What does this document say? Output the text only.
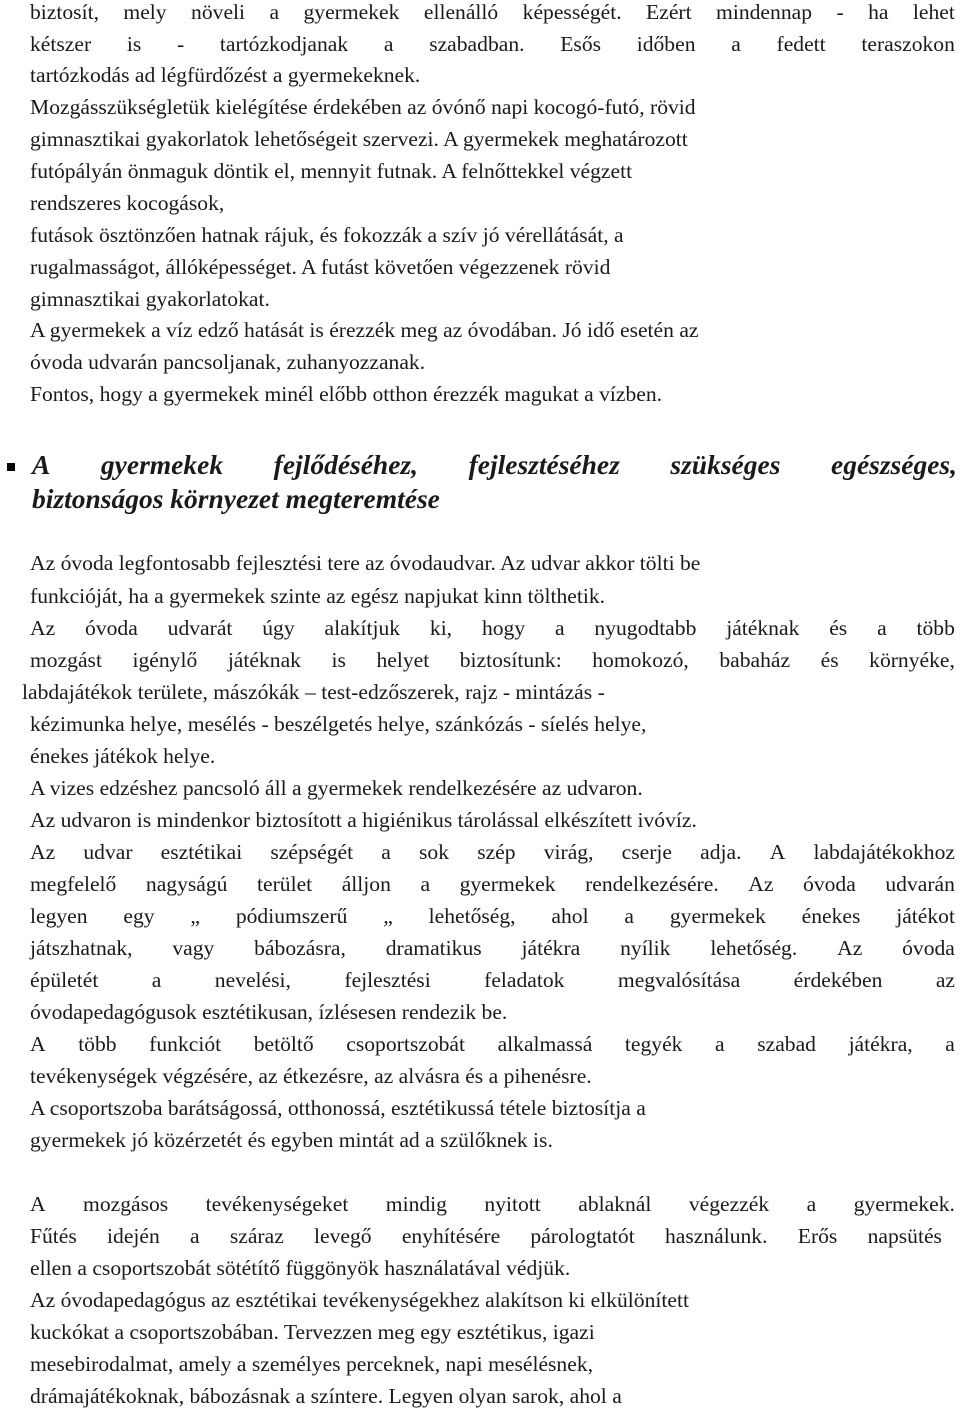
biztosít, mely növeli a gyermekek ellenálló képességét. Ezért mindennap - ha lehet
kétszer is - tartózkodjanak a szabadban. Esős időben a fedett teraszokon
tartózkodás ad légfürdőzést a gyermekeknek.
Mozgásszükségletük kielégítése érdekében az óvónő napi kocogó-futó, rövid
gimnasztikai gyakorlatok lehetőségeit szervezi. A gyermekek meghatározott
futópályán önmaguk döntik el, mennyit futnak. A felnőttekkel végzett
rendszeres kocogások,
futások ösztönzően hatnak rájuk, és fokozzák a szív jó vérellátását, a
rugalmasságot, állóképességet. A futást követően végezzenek rövid
gimnasztikai gyakorlatokat.
A gyermekek a víz edző hatását is érezzék meg az óvodában. Jó idő esetén az
óvoda udvarán pancsoljanak, zuhanyozzanak.
Fontos, hogy a gyermekek minél előbb otthon érezzék magukat a vízben.
A gyermekek fejlődéséhez, fejlesztéséhez szükséges egészséges,
biztonságos környezet megteremtése
Az óvoda legfontosabb fejlesztési tere az óvodaudvar. Az udvar akkor tölti be
funkcióját, ha a gyermekek szinte az egész napjukat kinn tölthetik.
Az óvoda udvarát úgy alakítjuk ki, hogy a nyugodtabb játéknak és a több
mozgást igénylő játéknak is helyet biztosítunk: homokozó, babaház és környéke,
labdajátékok területe, mászókák – test-edzőszerek, rajz - mintázás -
kézimunka helye, mesélés - beszélgetés helye, szánkózás - síelés helye,
énekes játékok helye.
A vizes edzéshez pancsoló áll a gyermekek rendelkezésére az udvaron.
Az udvaron is mindenkor biztosított a higiénikus tárolással elkészített ivóvíz.
Az udvar esztétikai szépségét a sok szép virág, cserje adja. A labdajátékokhoz
megfelelő nagyságú terület álljon a gyermekek rendelkezésére. Az óvoda udvarán
legyen egy „ pódiumszerű „ lehetőség, ahol a gyermekek énekes játékot
játszhatnak, vagy bábozásra, dramatikus játékra nyílik lehetőség. Az óvoda
épületét a nevelési, fejlesztési feladatok megvalósítása érdekében az
óvodapedagógusok esztétikusan, ízlésesen rendezik be.
A több funkciót betöltő csoportszobát alkalmassá tegyék a szabad játékra, a
tevékenységek végzésére, az étkezésre, az alvásra és a pihenésre.
A csoportszoba barátságossá, otthonossá, esztétikussá tétele biztosítja a
gyermekek jó közérzetét és egyben mintát ad a szülőknek is.
A mozgásos tevékenységeket mindig nyitott ablaknál végezzék a gyermekek.
Fűtés idején a száraz levegő enyhítésére párologtatót használunk. Erős napsütés
ellen a csoportszobát sötétítő függönyök használatával védjük.
Az óvodapedagógus az esztétikai tevékenységekhez alakítson ki elkülönített
kuckókat a csoportszobában. Tervezzen meg egy esztétikus, igazi
mesebirodalmat, amely a személyes perceknek, napi mesélésnek,
drámajátékoknak, bábozásnak a színtere. Legyen olyan sarok, ahol a
